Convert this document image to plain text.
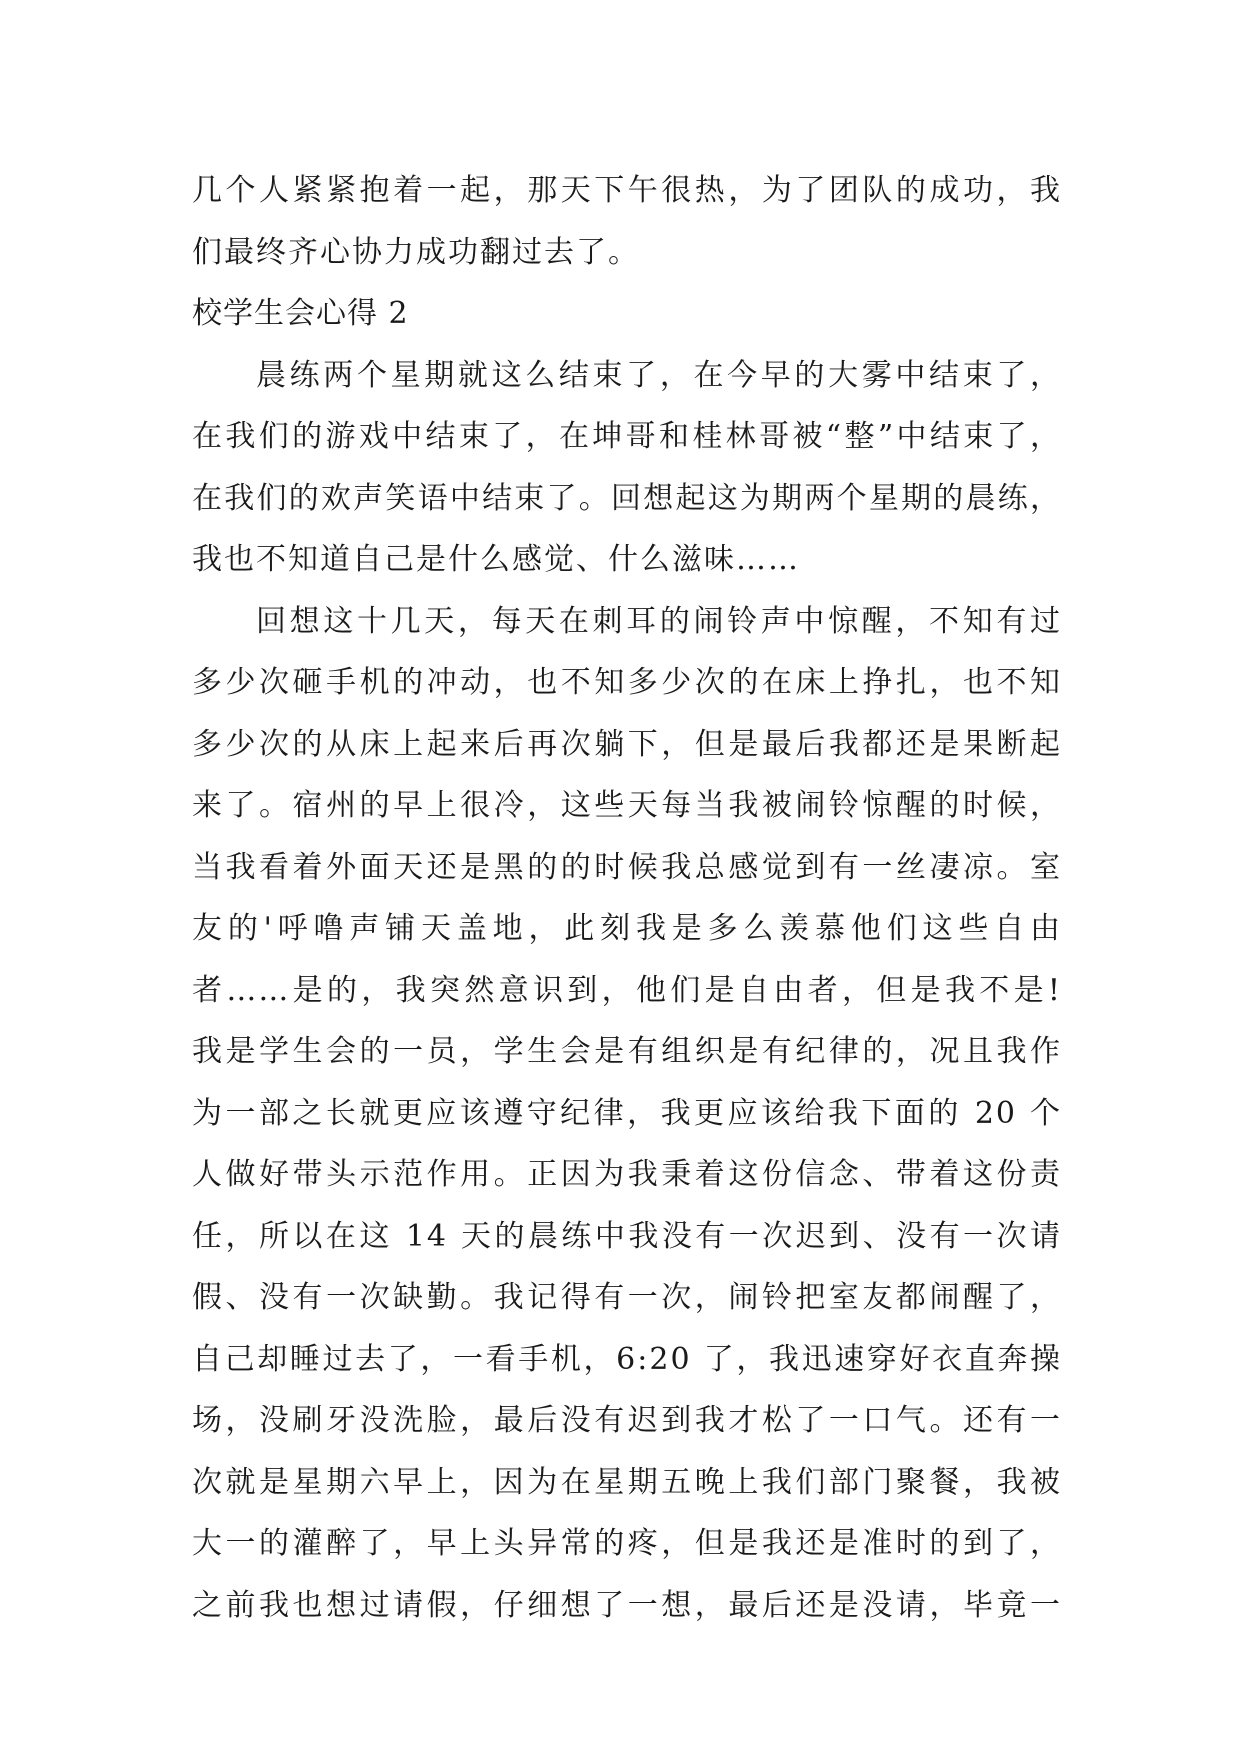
几个人紧紧抱着一起，那天下午很热，为了团队的成功，我
们最终齐心协力成功翻过去了。
校学生会心得 2
晨练两个星期就这么结束了，在今早的大雾中结束了，
在我们的游戏中结束了，在坤哥和桂林哥被“整”中结束了，
在我们的欢声笑语中结束了。回想起这为期两个星期的晨练，
我也不知道自己是什么感觉、什么滋味……
回想这十几天，每天在刺耳的闹铃声中惊醒，不知有过
多少次砸手机的冲动，也不知多少次的在床上挣扎，也不知
多少次的从床上起来后再次躺下，但是最后我都还是果断起
来了。宿州的早上很冷，这些天每当我被闹铃惊醒的时候，
当我看着外面天还是黑的的时候我总感觉到有一丝凄凉。室
友的'呼噜声铺天盖地，此刻我是多么羡慕他们这些自由
者……是的，我突然意识到，他们是自由者，但是我不是!
我是学生会的一员，学生会是有组织是有纪律的，况且我作
为一部之长就更应该遵守纪律，我更应该给我下面的 20 个
人做好带头示范作用。正因为我秉着这份信念、带着这份责
任，所以在这 14 天的晨练中我没有一次迟到、没有一次请
假、没有一次缺勤。我记得有一次，闹铃把室友都闹醒了，
自己却睡过去了，一看手机，6:20 了，我迅速穿好衣直奔操
场，没刷牙没洗脸，最后没有迟到我才松了一口气。还有一
次就是星期六早上，因为在星期五晚上我们部门聚餐，我被
大一的灌醉了，早上头异常的疼，但是我还是准时的到了，
之前我也想过请假，仔细想了一想，最后还是没请，毕竟一
